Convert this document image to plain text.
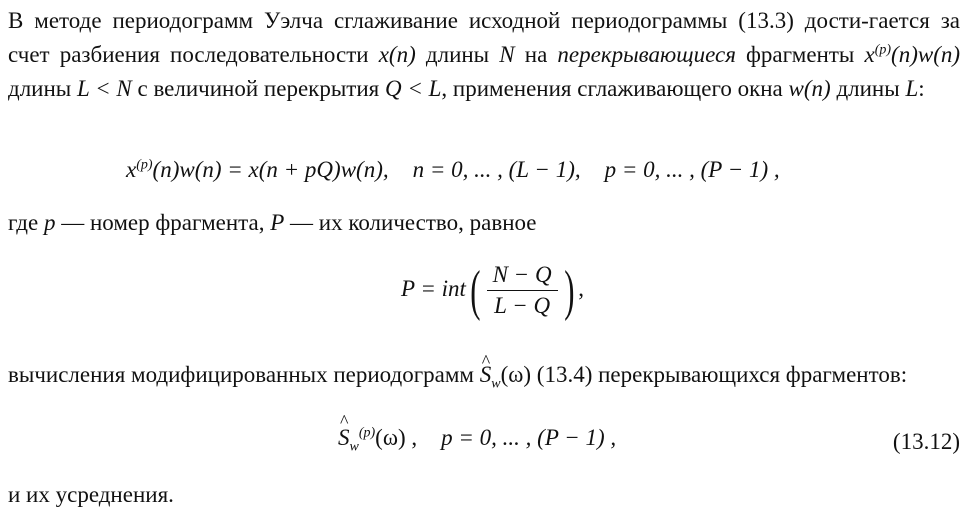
В методе периодограмм Уэлча сглаживание исходной периодограммы (13.3) дости-гается за счет разбиения последовательности x(n) длины N на перекрывающиеся фрагменты $x^{(p)}(n)w(n)$ длины L < N с величиной перекрытия Q < L, применения сглаживающего окна w(n) длины L:

$x^{(p)}(n)w(n) = x(n + pQ)w(n)$, n = 0, ... , (L − 1), p = 0, ... , (P − 1) ,

где p — номер фрагмента, P — их количество, равное

$P = int( \frac{N - Q}{L - Q}$ ) ,

вычисления модифицированных периодограмм ^ $S_w(\omega)$ (13.4) перекрывающихся фрагментов:

^ $S_w^{(p)}(\omega)$ , p = 0, ... , (P − 1) ,	(13.12)

и их усреднения.
